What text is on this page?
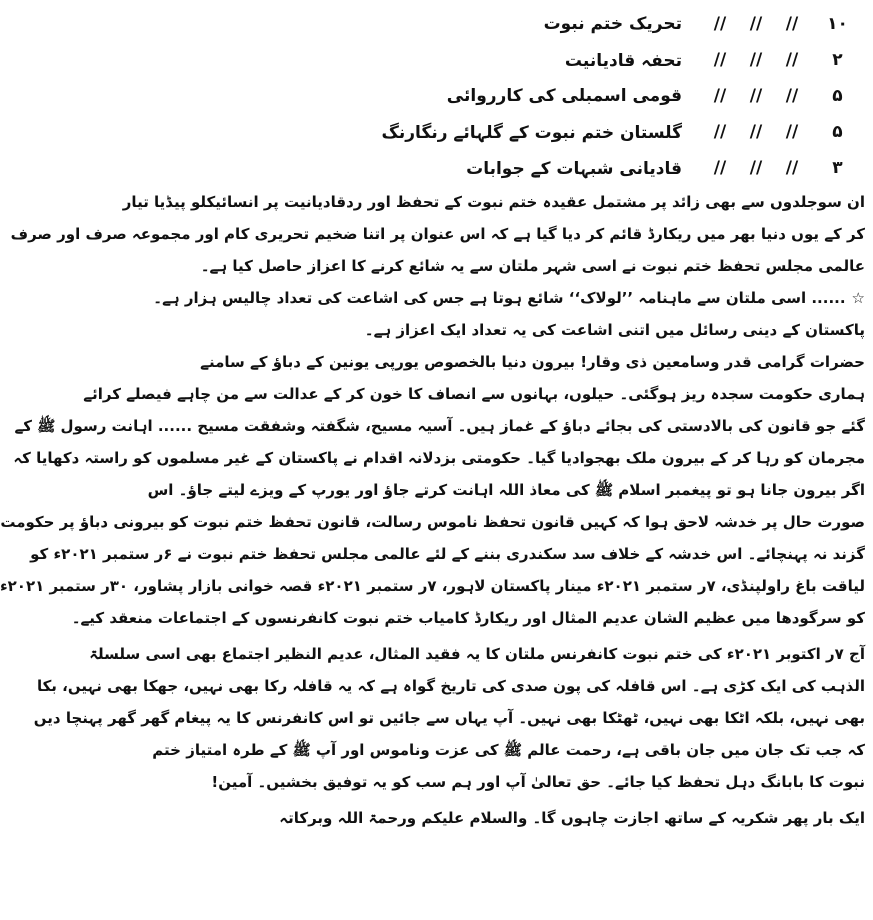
۱۰
//
//
//
تحریک ختم نبوت
۲
//
//
//
تحفہ قادیانیت
۵
//
//
//
قومی اسمبلی کی کارروائی
۵
//
//
//
گلستان ختم نبوت کے گلہائے رنگارنگ
۳
//
//
//
قادیانی شبہات کے جوابات

ان سوجلدوں سے بھی زائد پر مشتمل عقیدہ ختم نبوت کے تحفظ اور ردقادیانیت پر انسائیکلو پیڈیا تیار
کر کے یوں دنیا بھر میں ریکارڈ قائم کر دیا گیا ہے کہ اس عنوان پر اتنا ضخیم تحریری کام اور مجموعہ صرف اور صرف
عالمی مجلس تحفظ ختم نبوت نے اسی شہر ملتان سے یہ شائع کرنے کا اعزاز حاصل کیا ہے۔

☆...... اسی ملتان سے ماہنامہ ’’لولاک‘‘ شائع ہوتا ہے جس کی اشاعت کی تعداد چالیس ہزار ہے۔
پاکستان کے دینی رسائل میں اتنی اشاعت کی یہ تعداد ایک اعزاز ہے۔

حضرات گرامی قدر وسامعین ذی وقار! بیرون دنیا بالخصوص یورپی یونین کے دباؤ کے سامنے
ہماری حکومت سجدہ ریز ہوگئی۔ حیلوں، بہانوں سے انصاف کا خون کر کے عدالت سے من چاہے فیصلے کرائے
گئے جو قانون کی بالادستی کی بجائے دباؤ کے غماز ہیں۔ آسیہ مسیح، شگفتہ وشفقت مسیح ...... اہانت رسول ﷺ کے
مجرمان کو رہا کر کے بیرون ملک بھجوادیا گیا۔ حکومتی بزدلانہ اقدام نے پاکستان کے غیر مسلموں کو راستہ دکھایا کہ
اگر بیرون جانا ہو تو پیغمبر اسلام ﷺ کی معاذ اللہ اہانت کرتے جاؤ اور یورپ کے ویزے لیتے جاؤ۔ اس
صورت حال پر خدشہ لاحق ہوا کہ کہیں قانون تحفظ ناموس رسالت، قانون تحفظ ختم نبوت کو بیرونی دباؤ پر حکومت
گزند نہ پہنچائے۔ اس خدشہ کے خلاف سد سکندری بننے کے لئے عالمی مجلس تحفظ ختم نبوت نے ۶ر ستمبر ۲۰۲۱ء کو
لیاقت باغ راولپنڈی، ۷ر ستمبر ۲۰۲۱ء مینار پاکستان لاہور، ۷ر ستمبر ۲۰۲۱ء قصہ خوانی بازار پشاور، ۳۰ر ستمبر ۲۰۲۱ء
کو سرگودھا میں عظیم الشان عدیم المثال اور ریکارڈ کامیاب ختم نبوت کانفرنسوں کے اجتماعات منعقد کیے۔

آج ۷ر اکتوبر ۲۰۲۱ء کی ختم نبوت کانفرنس ملتان کا یہ فقید المثال، عدیم النظیر اجتماع بھی اسی سلسلۃ
الذہب کی ایک کڑی ہے۔ اس قافلہ کی پون صدی کی تاریخ گواہ ہے کہ یہ قافلہ رکا بھی نہیں، جھکا بھی نہیں، بکا
بھی نہیں، بلکہ اٹکا بھی نہیں، ٹھٹکا بھی نہیں۔ آپ یہاں سے جائیں تو اس کانفرنس کا یہ پیغام گھر گھر پہنچا دیں
کہ جب تک جان میں جان باقی ہے، رحمت عالم ﷺ کی عزت وناموس اور آپ ﷺ کے طرہ امتیاز ختم
نبوت کا بابانگ دہل تحفظ کیا جائے۔ حق تعالیٰ آپ اور ہم سب کو یہ توفیق بخشیں۔ آمین!

ایک بار پھر شکریہ کے ساتھ اجازت چاہوں گا۔ والسلام علیکم ورحمۃ اللہ وبرکاتہ
